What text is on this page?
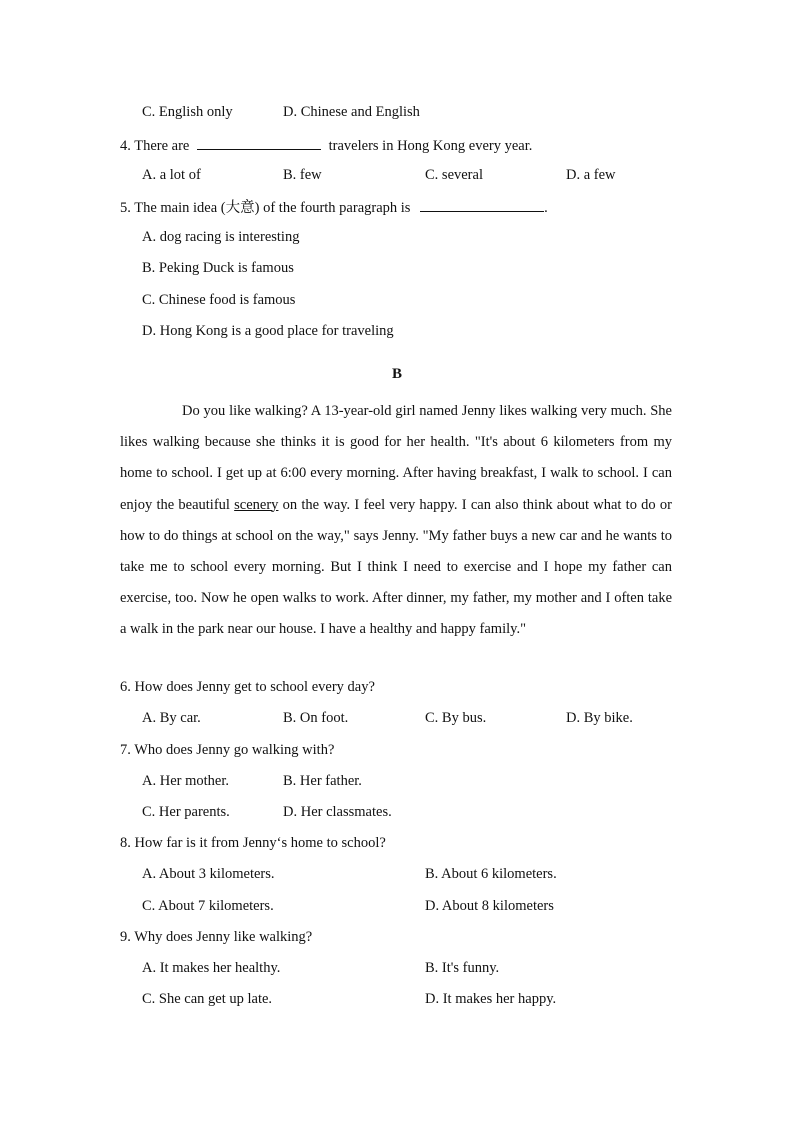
C. English only	D. Chinese and English
4. There are	travelers in Hong Kong every year.
A. a lot of	B. few	C. several	D. a few
5. The main idea (大意) of the fourth paragraph is	.
A. dog racing is interesting
B. Peking Duck is famous
C. Chinese food is famous
D. Hong Kong is a good place for traveling
B
Do you like walking? A 13-year-old girl named Jenny likes walking very much. She likes walking because she thinks it is good for her health. "It's about 6 kilometers from my home to school. I get up at 6:00 every morning. After having breakfast, I walk to school. I can enjoy the beautiful scenery on the way. I feel very happy. I can also think about what to do or how to do things at school on the way," says Jenny. "My father buys a new car and he wants to take me to school every morning. But I think I need to exercise and I hope my father can exercise, too. Now he open walks to work. After dinner, my father, my mother and I often take a walk in the park near our house. I have a healthy and happy family."
6. How does Jenny get to school every day?
A. By car.	B. On foot.	C. By bus.	D. By bike.
7. Who does Jenny go walking with?
A. Her mother.	B. Her father.
C. Her parents.	D. Her classmates.
8. How far is it from Jenny‘s home to school?
A. About 3 kilometers.	B. About 6 kilometers.
C. About 7 kilometers.	D. About 8 kilometers
9. Why does Jenny like walking?
A. It makes her healthy.	B. It's funny.
C. She can get up late.	D. It makes her happy.
